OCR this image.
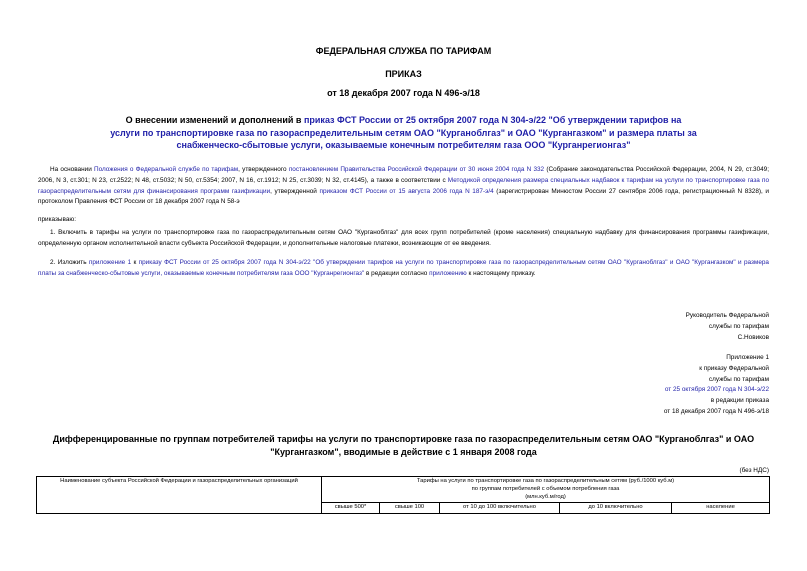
ФЕДЕРАЛЬНАЯ СЛУЖБА ПО ТАРИФАМ
ПРИКАЗ
от 18 декабря 2007 года N 496-э/18
О внесении изменений и дополнений в приказ ФСТ России от 25 октября 2007 года N 304-э/22 "Об утверждении тарифов на услуги по транспортировке газа по газораспределительным сетям ОАО "Курганоблгаз" и ОАО "Кургангазком" и размера платы за снабженческо-сбытовые услуги, оказываемые конечным потребителям газа ООО "Курганрегионгаз"

На основании Положения о Федеральной службе по тарифам, утвержденного постановлением Правительства Российской Федерации от 30 июня 2004 года N 332 (Собрание законодательства Российской Федерации, 2004, N 29, ст.3049; 2006, N 3, ст.301; N 23, ст.2522; N 48, ст.5032; N 50, ст.5354; 2007, N 16, ст.1912; N 25, ст.3039; N 32, ст.4145), а также в соответствии с Методикой определения размера специальных надбавок к тарифам на услуги по транспортировке газа по газораспределительным сетям для финансирования программ газификации, утвержденной приказом ФСТ России от 15 августа 2006 года N 187-э/4 (зарегистрирован Минюстом России 27 сентября 2006 года, регистрационный N 8328), и протоколом Правления ФСТ России от 18 декабря 2007 года N 58-э

приказываю:

1. Включить в тарифы на услуги по транспортировке газа по газораспределительным сетям ОАО "Курганоблгаз" для всех групп потребителей (кроме населения) специальную надбавку для финансирования программы газификации, определенную органом исполнительной власти субъекта Российской Федерации, и дополнительные налоговые платежи, возникающие от ее введения.

2. Изложить приложение 1 к приказу ФСТ России от 25 октября 2007 года N 304-э/22 "Об утверждении тарифов на услуги по транспортировке газа по газораспределительным сетям ОАО "Курганоблгаз" и ОАО "Кургангазком" и размера платы за снабженческо-сбытовые услуги, оказываемые конечным потребителям газа ООО "Курганрегионгаз" в редакции согласно приложению к настоящему приказу.

Руководитель Федеральной
службы по тарифам
С.Новиков
Приложение 1
к приказу Федеральной
службы по тарифам
от 25 октября 2007 года N 304-э/22
в редакции приказа
от 18 декабря 2007 года N 496-э/18
Дифференцированные по группам потребителей тарифы на услуги по транспортировке газа по газораспределительным сетям ОАО "Курганоблгаз" и ОАО "Кургангазком", вводимые в действие с 1 января 2008 года
(без НДС)
Наименование субъекта Российской Федерации и газораспределительных организаций	Тарифы на услуги по транспортировке газа по газораспределительным сетям (руб./1000 куб.м)
по группам потребителей с объемом потребления газа
(млн.куб.м/год)				

	свыше 500*	свыше 100	от 10 до 100 включительно	до 10 включительно	население
